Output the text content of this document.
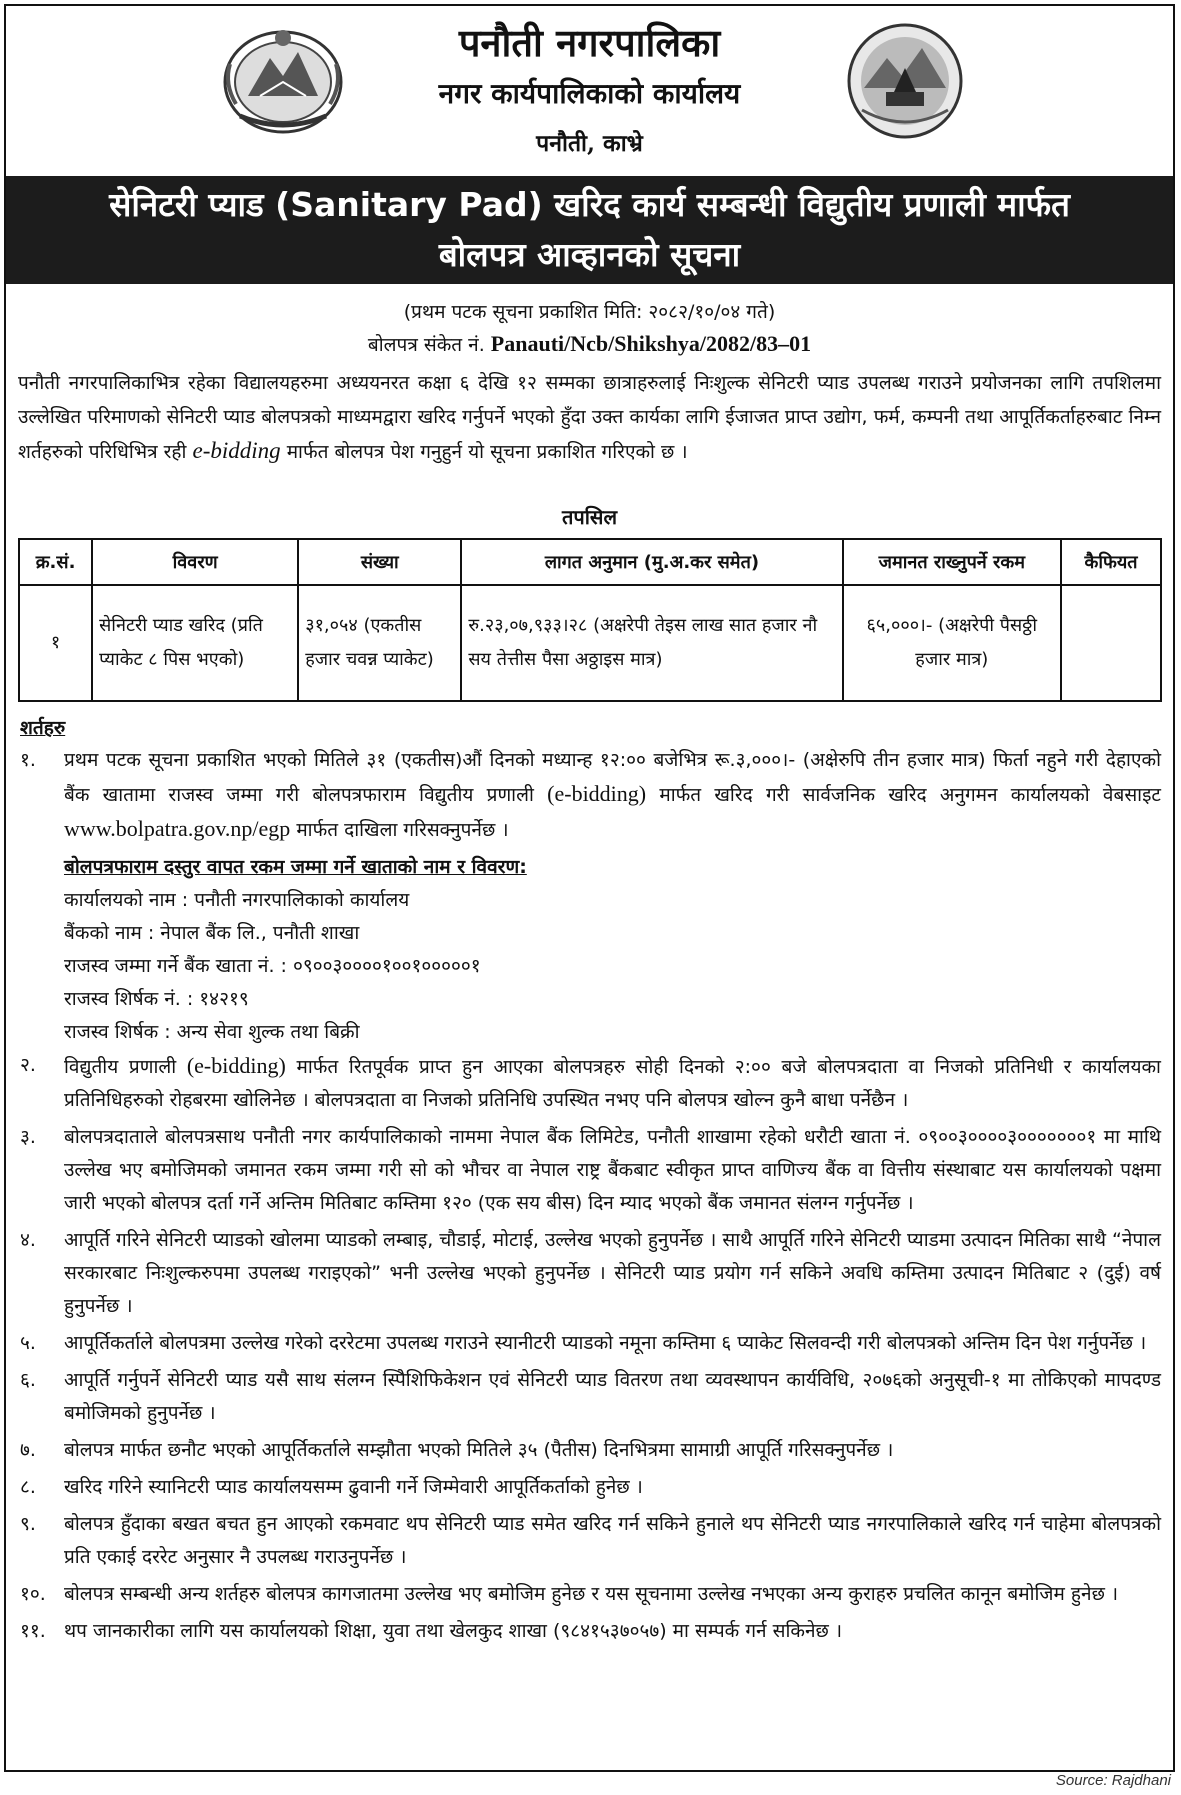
पनौती नगरपालिका
नगर कार्यपालिकाको कार्यालय
पनौती, काभ्रे
सेनिटरी प्याड (Sanitary Pad) खरिद कार्य सम्बन्धी विद्युतीय प्रणाली मार्फत
बोलपत्र आव्हानको सूचना
(प्रथम पटक सूचना प्रकाशित मिति: २०८२/१०/०४ गते)
बोलपत्र संकेत नं. Panauti/Ncb/Shikshya/2082/83–01
पनौती नगरपालिकाभित्र रहेका विद्यालयहरुमा अध्ययनरत कक्षा ६ देखि १२ सम्मका छात्राहरुलाई निःशुल्क सेनिटरी प्याड उपलब्ध गराउने प्रयोजनका लागि तपशिलमा उल्लेखित परिमाणको सेनिटरी प्याड बोलपत्रको माध्यमद्वारा खरिद गर्नुपर्ने भएको हुँदा उक्त कार्यका लागि ईजाजत प्राप्त उद्योग, फर्म, कम्पनी तथा आपूर्तिकर्ताहरुबाट निम्न शर्तहरुको परिधिभित्र रही e-bidding मार्फत बोलपत्र पेश गनुहुर्न यो सूचना प्रकाशित गरिएको छ ।
तपसिल
क्र.सं.	विवरण	संख्या	लागत अनुमान (मु.अ.कर समेत)	जमानत राख्नुपर्ने रकम	कैफियत
१	सेनिटरी प्याड खरिद (प्रति प्याकेट ८ पिस भएको)	३१,०५४ (एकतीस हजार चवन्न प्याकेट)	रु.२३,०७,९३३।२८ (अक्षरेपी तेइस लाख सात हजार नौ सय तेत्तीस पैसा अठ्ठाइस मात्र)	६५,०००।- (अक्षरेपी पैसठ्ठी हजार मात्र)	
शर्तहरु
१. प्रथम पटक सूचना प्रकाशित भएको मितिले ३१ (एकतीस)औं दिनको मध्यान्ह १२:०० बजेभित्र रू.३,०००।- (अक्षेरुपि तीन हजार मात्र) फिर्ता नहुने गरी देहाएको बैंक खातामा राजस्व जम्मा गरी बोलपत्रफाराम विद्युतीय प्रणाली (e-bidding) मार्फत खरिद गरी सार्वजनिक खरिद अनुगमन कार्यालयको वेबसाइट www.bolpatra.gov.np/egp मार्फत दाखिला गरिसक्नुपर्नेछ ।
बोलपत्रफाराम दस्तुर वापत रकम जम्मा गर्ने खाताको नाम र विवरण:
कार्यालयको नाम : पनौती नगरपालिकाको कार्यालय
बैंकको नाम : नेपाल बैंक लि., पनौती शाखा
राजस्व जम्मा गर्ने बैंक खाता नं. : ०९००३००००१००१०००००१
राजस्व शिर्षक नं. : १४२१९
राजस्व शिर्षक : अन्य सेवा शुल्क तथा बिक्री
२. विद्युतीय प्रणाली (e-bidding) मार्फत रितपूर्वक प्राप्त हुन आएका बोलपत्रहरु सोही दिनको २:०० बजे बोलपत्रदाता वा निजको प्रतिनिधी र कार्यालयका प्रतिनिधिहरुको रोहबरमा खोलिनेछ । बोलपत्रदाता वा निजको प्रतिनिधि उपस्थित नभए पनि बोलपत्र खोल्न कुनै बाधा पर्नेछैन ।
३. बोलपत्रदाताले बोलपत्रसाथ पनौती नगर कार्यपालिकाको नाममा नेपाल बैंक लिमिटेड, पनौती शाखामा रहेको धरौटी खाता नं. ०९००३००००३०००००००१ मा माथि उल्लेख भए बमोजिमको जमानत रकम जम्मा गरी सो को भौचर वा नेपाल राष्ट्र बैंकबाट स्वीकृत प्राप्त वाणिज्य बैंक वा वित्तीय संस्थाबाट यस कार्यालयको पक्षमा जारी भएको बोलपत्र दर्ता गर्ने अन्तिम मितिबाट कम्तिमा १२० (एक सय बीस) दिन म्याद भएको बैंक जमानत संलग्न गर्नुपर्नेछ ।
४. आपूर्ति गरिने सेनिटरी प्याडको खोलमा प्याडको लम्बाइ, चौडाई, मोटाई, उल्लेख भएको हुनुपर्नेछ । साथै आपूर्ति गरिने सेनिटरी प्याडमा उत्पादन मितिका साथै “नेपाल सरकारबाट निःशुल्करुपमा उपलब्ध गराइएको” भनी उल्लेख भएको हुनुपर्नेछ । सेनिटरी प्याड प्रयोग गर्न सकिने अवधि कम्तिमा उत्पादन मितिबाट २ (दुई) वर्ष हुनुपर्नेछ ।
५. आपूर्तिकर्ताले बोलपत्रमा उल्लेख गरेको दररेटमा उपलब्ध गराउने स्यानीटरी प्याडको नमूना कम्तिमा ६ प्याकेट सिलवन्दी गरी बोलपत्रको अन्तिम दिन पेश गर्नुपर्नेछ ।
६. आपूर्ति गर्नुपर्ने सेनिटरी प्याड यसै साथ संलग्न स्पिेशिफिकेशन एवं सेनिटरी प्याड वितरण तथा व्यवस्थापन कार्यविधि, २०७६को अनुसूची-१ मा तोकिएको मापदण्ड बमोजिमको हुनुपर्नेछ ।
७. बोलपत्र मार्फत छनौट भएको आपूर्तिकर्ताले सम्झौता भएको मितिले ३५ (पैतीस) दिनभित्रमा सामाग्री आपूर्ति गरिसक्नुपर्नेछ ।
८. खरिद गरिने स्यानिटरी प्याड कार्यालयसम्म ढुवानी गर्ने जिम्मेवारी आपूर्तिकर्ताको हुनेछ ।
९. बोलपत्र हुँदाका बखत बचत हुन आएको रकमवाट थप सेनिटरी प्याड समेत खरिद गर्न सकिने हुनाले थप सेनिटरी प्याड नगरपालिकाले खरिद गर्न चाहेमा बोलपत्रको प्रति एकाई दररेट अनुसार नै उपलब्ध गराउनुपर्नेछ ।
१०. बोलपत्र सम्बन्धी अन्य शर्तहरु बोलपत्र कागजातमा उल्लेख भए बमोजिम हुनेछ र यस सूचनामा उल्लेख नभएका अन्य कुराहरु प्रचलित कानून बमोजिम हुनेछ ।
११. थप जानकारीका लागि यस कार्यालयको शिक्षा, युवा तथा खेलकुद शाखा (९८४१५३७०५७) मा सम्पर्क गर्न सकिनेछ ।
Source: Rajdhani
